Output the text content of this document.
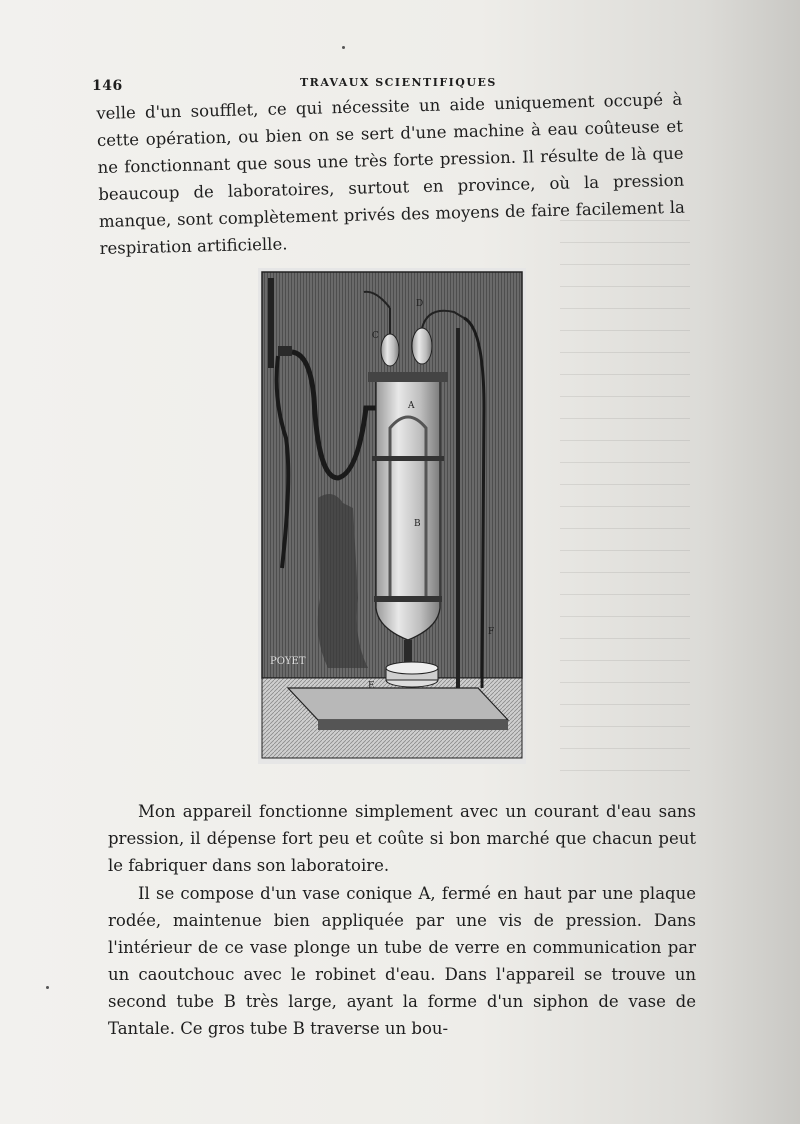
146	TRAVAUX SCIENTIFIQUES

velle d'un soufflet, ce qui nécessite un aide uniquement occupé à cette opération, ou bien on se sert d'une machine à eau coûteuse et ne fonctionnant que sous une très forte pression. Il résulte de là que beaucoup de laboratoires, surtout en province, où la pression manque, sont complètement privés des moyens de faire facilement la respiration artificielle.

A
B
C
D
E
F
POYET

Mon appareil fonctionne simplement avec un courant d'eau sans pression, il dépense fort peu et coûte si bon marché que chacun peut le fabriquer dans son laboratoire.

Il se compose d'un vase conique A, fermé en haut par une plaque rodée, maintenue bien appliquée par une vis de pression. Dans l'intérieur de ce vase plonge un tube de verre en communication par un caoutchouc avec le robinet d'eau. Dans l'appareil se trouve un second tube B très large, ayant la forme d'un siphon de vase de Tantale. Ce gros tube B traverse un bou-
